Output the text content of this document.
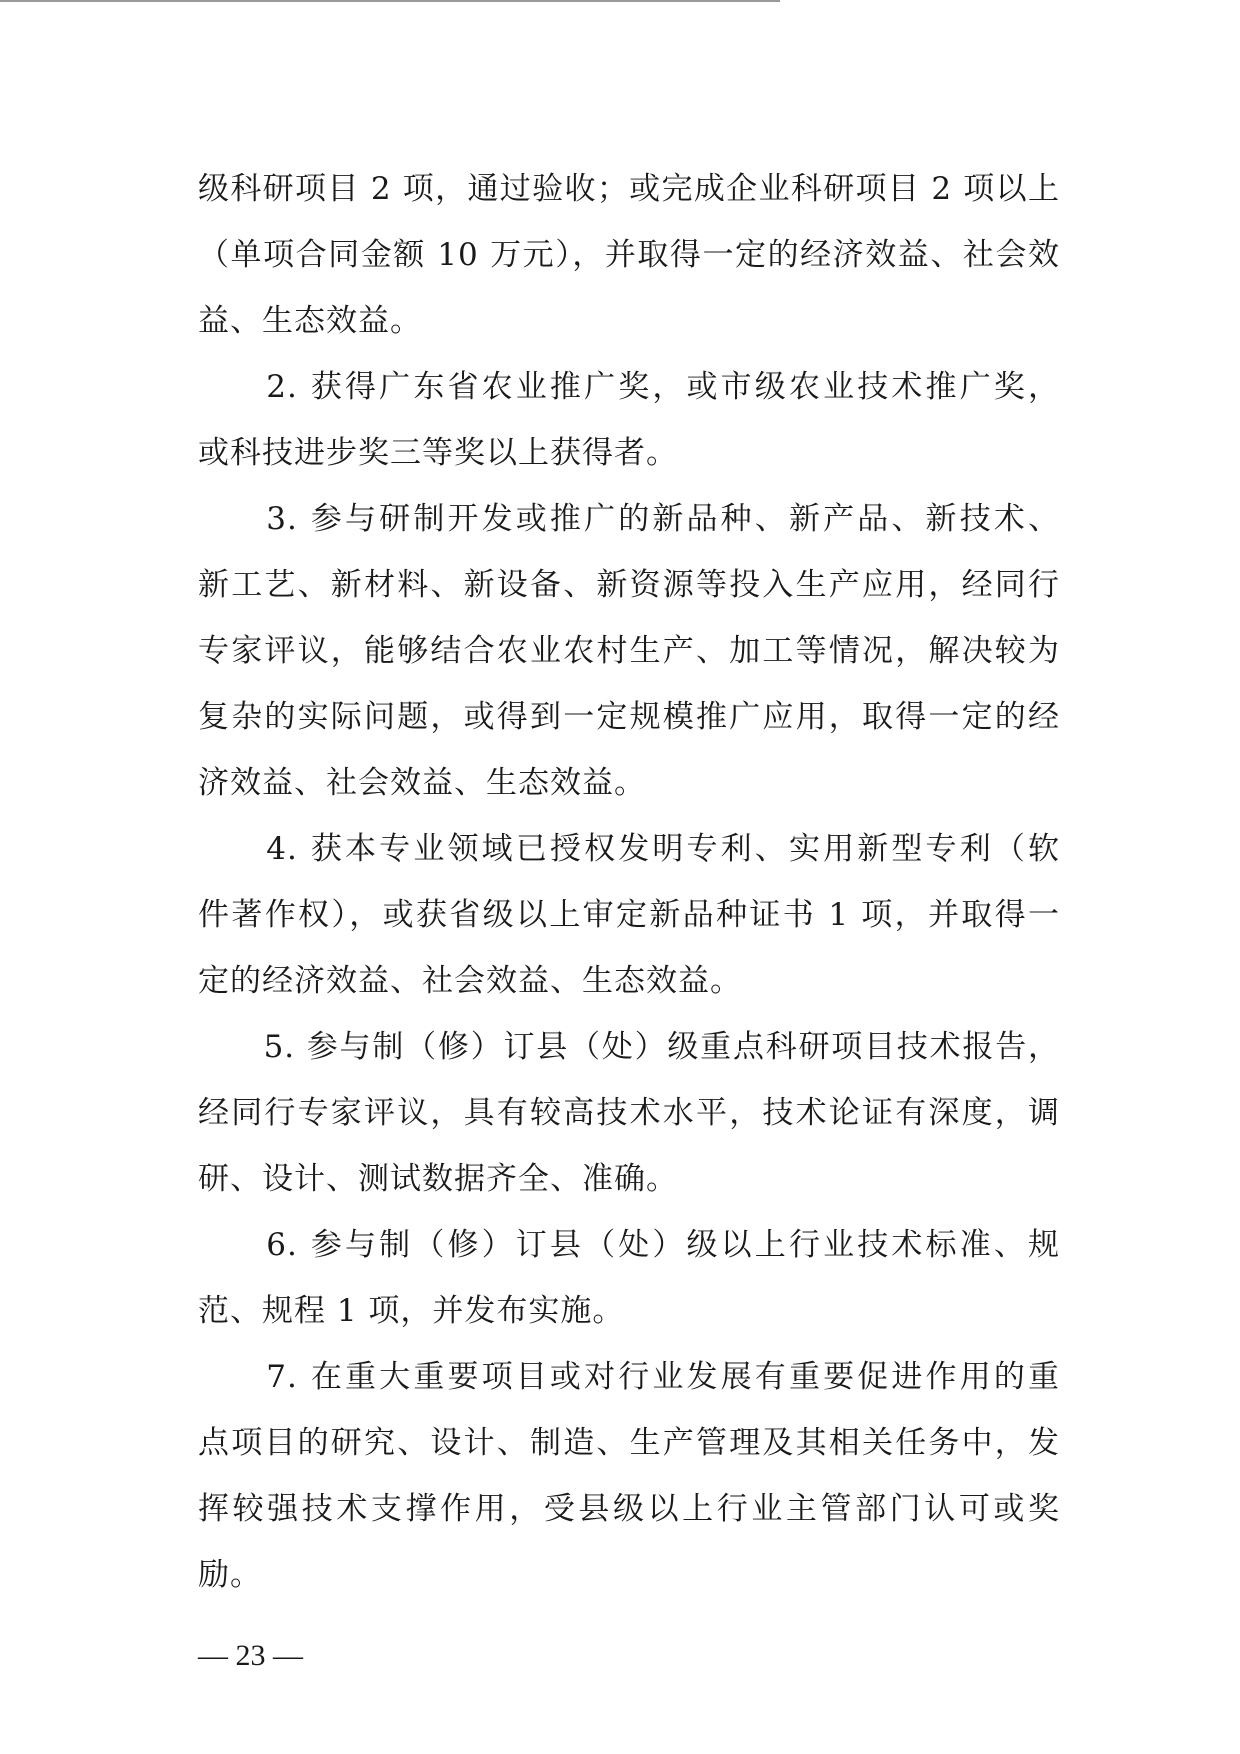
级科研项目 2 项，通过验收；或完成企业科研项目 2 项以上
（单项合同金额 10 万元），并取得一定的经济效益、社会效
益、生态效益。
　　2. 获得广东省农业推广奖，或市级农业技术推广奖，
或科技进步奖三等奖以上获得者。
　　3. 参与研制开发或推广的新品种、新产品、新技术、
新工艺、新材料、新设备、新资源等投入生产应用，经同行
专家评议，能够结合农业农村生产、加工等情况，解决较为
复杂的实际问题，或得到一定规模推广应用，取得一定的经
济效益、社会效益、生态效益。
　　4. 获本专业领域已授权发明专利、实用新型专利（软
件著作权），或获省级以上审定新品种证书 1 项，并取得一
定的经济效益、社会效益、生态效益。
　　5. 参与制（修）订县（处）级重点科研项目技术报告，
经同行专家评议，具有较高技术水平，技术论证有深度，调
研、设计、测试数据齐全、准确。
　　6. 参与制（修）订县（处）级以上行业技术标准、规
范、规程 1 项，并发布实施。
　　7. 在重大重要项目或对行业发展有重要促进作用的重
点项目的研究、设计、制造、生产管理及其相关任务中，发
挥较强技术支撑作用，受县级以上行业主管部门认可或奖
励。
— 23 —
